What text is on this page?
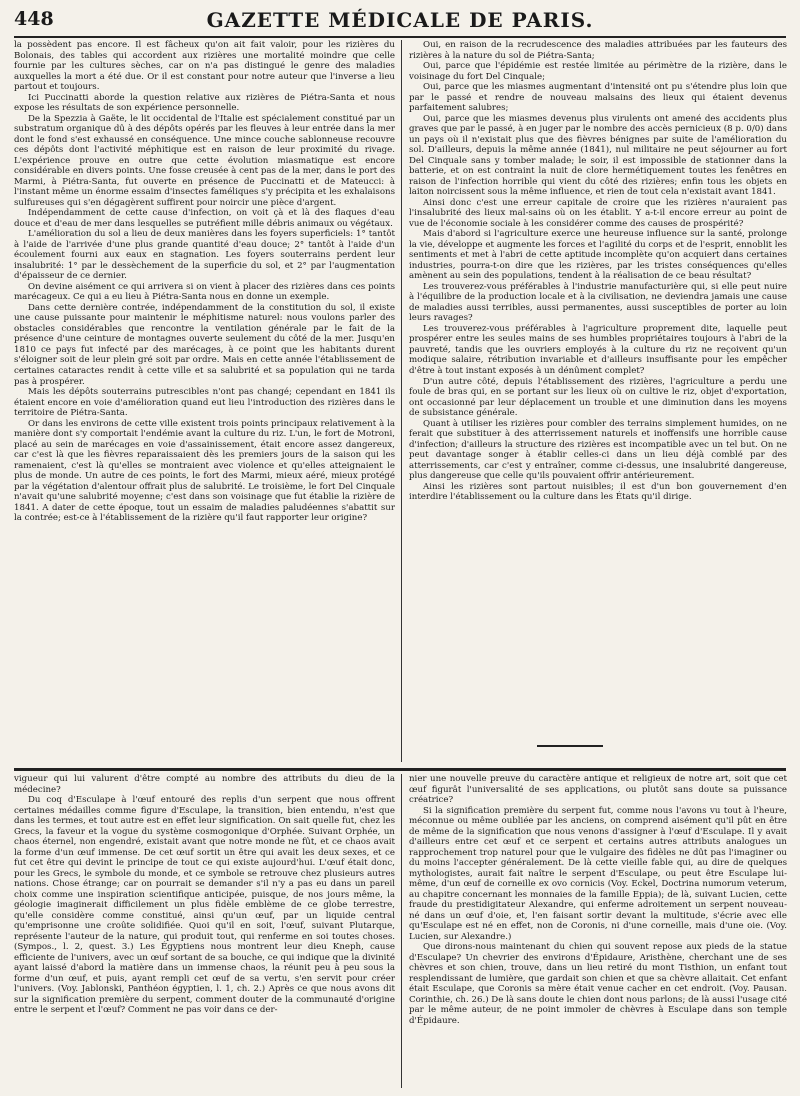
448	GAZETTE MÉDICALE DE PARIS.

la possèdent pas encore. Il est fâcheux qu'on ait fait valoir, pour les rizières du Bolonais, des tables qui accordent aux rizières une mortalité moindre que celle fournie par les cultures sèches, car on n'a pas distingué le genre des maladies auxquelles la mort a été due. Or il est constant pour notre auteur que l'inverse a lieu partout et toujours.

Ici Puccinatti aborde la question relative aux rizières de Piétra-Santa et nous expose les résultats de son expérience personnelle.

De la Spezzia à Gaëte, le lit occidental de l'Italie est spécialement constitué par un substratum organique dû à des dépôts opérés par les fleuves à leur entrée dans la mer dont le fond s'est exhaussé en conséquence. Une mince couche sablonneuse recouvre ces dépôts dont l'activité méphitique est en raison de leur proximité du rivage. L'expérience prouve en outre que cette évolution miasmatique est encore considérable en divers points. Une fosse creusée à cent pas de la mer, dans le port des Marmi, à Piétra-Santa, fut ouverte en présence de Puccinatti et de Mateucci: à l'instant même un énorme essaim d'insectes faméliques s'y précipita et les exhalaisons sulfureuses qui s'en dégagèrent suffirent pour noircir une pièce d'argent.

Indépendamment de cette cause d'infection, on voit çà et là des flaques d'eau douce et d'eau de mer dans lesquelles se putréfient mille débris animaux ou végétaux.

L'amélioration du sol a lieu de deux manières dans les foyers superficiels: 1° tantôt à l'aide de l'arrivée d'une plus grande quantité d'eau douce; 2° tantôt à l'aide d'un écoulement fourni aux eaux en stagnation. Les foyers souterrains perdent leur insalubrité: 1° par le dessèchement de la superficie du sol, et 2° par l'augmentation d'épaisseur de ce dernier.

On devine aisément ce qui arrivera si on vient à placer des rizières dans ces points marécageux. Ce qui a eu lieu à Piétra-Santa nous en donne un exemple.

Dans cette dernière contrée, indépendamment de la constitution du sol, il existe une cause puissante pour maintenir le méphitisme naturel: nous voulons parler des obstacles considérables que rencontre la ventilation générale par le fait de la présence d'une ceinture de montagnes ouverte seulement du côté de la mer. Jusqu'en 1810 ce pays fut infecté par des marécages, à ce point que les habitants durent s'éloigner soit de leur plein gré soit par ordre. Mais en cette année l'établissement de certaines cataractes rendit à cette ville et sa salubrité et sa population qui ne tarda pas à prospérer.

Mais les dépôts souterrains putrescibles n'ont pas changé; cependant en 1841 ils étaient encore en voie d'amélioration quand eut lieu l'introduction des rizières dans le territoire de Piétra-Santa.

Or dans les environs de cette ville existent trois points principaux relativement à la manière dont s'y comportait l'endémie avant la culture du riz. L'un, le fort de Motroni, placé au sein de marécages en voie d'assainissement, était encore assez dangereux, car c'est là que les fièvres reparaissaient dès les premiers jours de la saison qui les ramenaient, c'est là qu'elles se montraient avec violence et qu'elles atteignaient le plus de monde. Un autre de ces points, le fort des Marmi, mieux aéré, mieux protégé par la végétation d'alentour offrait plus de salubrité. Le troisième, le fort Del Cinquale n'avait qu'une salubrité moyenne; c'est dans son voisinage que fut établie la rizière de 1841. A dater de cette époque, tout un essaim de maladies paludéennes s'abattit sur la contrée; est-ce à l'établissement de la rizière qu'il faut rapporter leur origine?

Oui, en raison de la recrudescence des maladies attribuées par les fauteurs des rizières à la nature du sol de Piétra-Santa;

Oui, parce que l'épidémie est restée limitée au périmètre de la rizière, dans le voisinage du fort Del Cinquale;

Oui, parce que les miasmes augmentant d'intensité ont pu s'étendre plus loin que par le passé et rendre de nouveau malsains des lieux qui étaient devenus parfaitement salubres;

Oui, parce que les miasmes devenus plus virulents ont amené des accidents plus graves que par le passé, à en juger par le nombre des accès pernicieux (8 p. 0/0) dans un pays où il n'existait plus que des fièvres bénignes par suite de l'amélioration du sol. D'ailleurs, depuis la même année (1841), nul militaire ne peut séjourner au fort Del Cinquale sans y tomber malade; le soir, il est impossible de stationner dans la batterie, et on est contraint la nuit de clore hermétiquement toutes les fenêtres en raison de l'infection horrible qui vient du côté des rizières; enfin tous les objets en laiton noircissent sous la même influence, et rien de tout cela n'existait avant 1841.

Ainsi donc c'est une erreur capitale de croire que les rizières n'auraient pas l'insalubrité des lieux mal-sains où on les établit. Y a-t-il encore erreur au point de vue de l'économie sociale à les considérer comme des causes de prospérité?

Mais d'abord si l'agriculture exerce une heureuse influence sur la santé, prolonge la vie, développe et augmente les forces et l'agilité du corps et de l'esprit, ennoblit les sentiments et met à l'abri de cette aptitude incomplète qu'on acquiert dans certaines industries, pourra-t-on dire que les rizières, par les tristes conséquences qu'elles amènent au sein des populations, tendent à la réalisation de ce beau résultat?

Les trouverez-vous préférables à l'industrie manufacturière qui, si elle peut nuire à l'équilibre de la production locale et à la civilisation, ne deviendra jamais une cause de maladies aussi terribles, aussi permanentes, aussi susceptibles de porter au loin leurs ravages?

Les trouverez-vous préférables à l'agriculture proprement dite, laquelle peut prospérer entre les seules mains de ses humbles propriétaires toujours à l'abri de la pauvreté, tandis que les ouvriers employés à la culture du riz ne reçoivent qu'un modique salaire, rétribution invariable et d'ailleurs insuffisante pour les empêcher d'être à tout instant exposés à un dénûment complet?

D'un autre côté, depuis l'établissement des rizières, l'agriculture a perdu une foule de bras qui, en se portant sur les lieux où on cultive le riz, objet d'exportation, ont occasionné par leur déplacement un trouble et une diminution dans les moyens de subsistance générale.

Quant à utiliser les rizières pour combler des terrains simplement humides, on ne ferait que substituer à des atterrissement naturels et inoffensifs une horrible cause d'infection; d'ailleurs la structure des rizières est incompatible avec un tel but. On ne peut davantage songer à établir celles-ci dans un lieu déjà comblé par des atterrissements, car c'est y entraîner, comme ci-dessus, une insalubrité dangereuse, plus dangereuse que celle qu'ils pouvaient offrir antérieurement.

Ainsi les rizières sont partout nuisibles; il est d'un bon gouvernement d'en interdire l'établissement ou la culture dans les États qu'il dirige.

vigueur qui lui valurent d'être compté au nombre des attributs du dieu de la médecine?

Du coq d'Esculape à l'œuf entouré des replis d'un serpent que nous offrent certaines médailles comme figure d'Esculape, la transition, bien entendu, n'est que dans les termes, et tout autre est en effet leur signification. On sait quelle fut, chez les Grecs, la faveur et la vogue du système cosmogonique d'Orphée. Suivant Orphée, un chaos éternel, non engendré, existait avant que notre monde ne fût, et ce chaos avait la forme d'un œuf immense. De cet œuf sortit un être qui avait les deux sexes, et ce fut cet être qui devint le principe de tout ce qui existe aujourd'hui. L'œuf était donc, pour les Grecs, le symbole du monde, et ce symbole se retrouve chez plusieurs autres nations. Chose étrange; car on pourrait se demander s'il n'y a pas eu dans un pareil choix comme une inspiration scientifique anticipée, puisque, de nos jours même, la géologie imaginerait difficilement un plus fidèle emblème de ce globe terrestre, qu'elle considère comme constitué, ainsi qu'un œuf, par un liquide central qu'emprisonne une croûte solidifiée. Quoi qu'il en soit, l'œuf, suivant Plutarque, représente l'auteur de la nature, qui produit tout, qui renferme en soi toutes choses. (Sympos., l. 2, quest. 3.) Les Égyptiens nous montrent leur dieu Kneph, cause efficiente de l'univers, avec un œuf sortant de sa bouche, ce qui indique que la divinité ayant laissé d'abord la matière dans un immense chaos, la réunit peu à peu sous la forme d'un œuf, et puis, ayant rempli cet œuf de sa vertu, s'en servit pour créer l'univers. (Voy. Jablonski, Panthéon égyptien, l. 1, ch. 2.) Après ce que nous avons dit sur la signification première du serpent, comment douter de la communauté d'origine entre le serpent et l'œuf? Comment ne pas voir dans ce der-

nier une nouvelle preuve du caractère antique et religieux de notre art, soit que cet œuf figurât l'universalité de ses applications, ou plutôt sans doute sa puissance créatrice?

Si la signification première du serpent fut, comme nous l'avons vu tout à l'heure, méconnue ou même oubliée par les anciens, on comprend aisément qu'il pût en être de même de la signification que nous venons d'assigner à l'œuf d'Esculape. Il y avait d'ailleurs entre cet œuf et ce serpent et certains autres attributs analogues un rapprochement trop naturel pour que le vulgaire des fidèles ne dût pas l'imaginer ou du moins l'accepter généralement. De là cette vieille fable qui, au dire de quelques mythologistes, aurait fait naître le serpent d'Esculape, ou peut être Esculape lui-même, d'un œuf de corneille ex ovo cornicis (Voy. Eckel, Doctrina numorum veterum, au chapitre concernant les monnaies de la famille Eppia); de là, suivant Lucien, cette fraude du prestidigitateur Alexandre, qui enferme adroitement un serpent nouveau-né dans un œuf d'oie, et, l'en faisant sortir devant la multitude, s'écrie avec elle qu'Esculape est né en effet, non de Coronis, ni d'une corneille, mais d'une oie. (Voy. Lucien, sur Alexandre.)

Que dirons-nous maintenant du chien qui souvent repose aux pieds de la statue d'Esculape? Un chevrier des environs d'Épidaure, Aristhène, cherchant une de ses chèvres et son chien, trouve, dans un lieu retiré du mont Tisthion, un enfant tout resplendissant de lumière, que gardait son chien et que sa chèvre allaitait. Cet enfant était Esculape, que Coronis sa mère était venue cacher en cet endroit. (Voy. Pausan. Corinthie, ch. 26.) De là sans doute le chien dont nous parlons; de là aussi l'usage cité par le même auteur, de ne point immoler de chèvres à Esculape dans son temple d'Épidaure.
